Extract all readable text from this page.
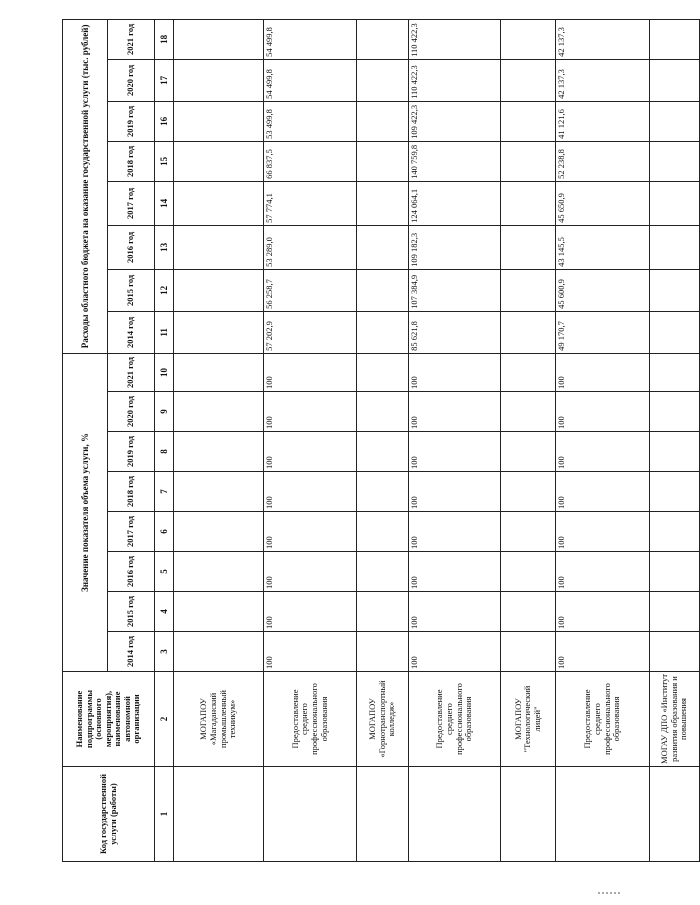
Код государственной услуги (работы)	Наименование подпрограммы (основного мероприятия), наименование автономной организации	Значение показателя объема услуги, %								Расходы областного бюджета на оказание государственной услуги (тыс. рублей)							
		2014 год	2015 год	2016 год	2017 год	2018 год	2019 год	2020 год	2021 год	2014 год	2015 год	2016 год	2017 год	2018 год	2019 год	2020 год	2021 год
1	2	3	4	5	6	7	8	9	10	11	12	13	14	15	16	17	18
	МОГАПОУ «Магаданский промышленный техникум»																
	Предоставление среднего профессионального образования	100	100	100	100	100	100	100	100	57 202,9	56 258,7	53 289,0	57 774,1	66 837,5	53 499,8	54 499,8	54 499,8
	МОГАПОУ «Горнотранспортный колледж»																
	Предоставление среднего профессионального образования	100	100	100	100	100	100	100	100	85 621,8	107 384,9	109 182,3	124 064,1	140 759,8	109 422,3	110 422,3	110 422,3
	МОГАПОУ "Технологический лицей"																
	Предоставление среднего профессионального образования	100	100	100	100	100	100	100	100	49 170,7	45 600,9	43 145,5	45 650,9	52 238,8	41 121,6	42 137,3	42 137,3
	МОГАУ ДПО «Институт развития образования и повышения																
